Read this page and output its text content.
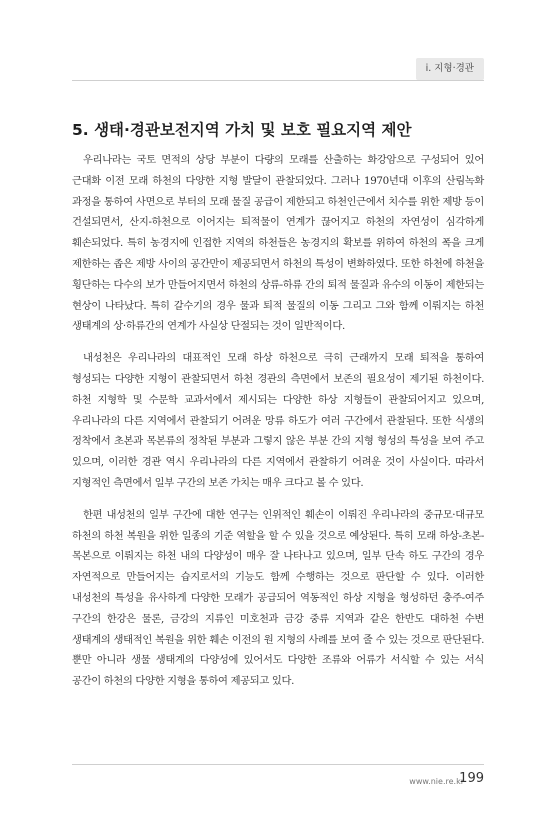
ⅰ. 지형·경관
5. 생태·경관보전지역 가치 및 보호 필요지역 제안

우리나라는 국토 면적의 상당 부분이 다량의 모래를 산출하는 화강암으로 구성되어 있어 근대화 이전 모래 하천의 다양한 지형 발달이 관찰되었다. 그러나 1970년대 이후의 산림녹화 과정을 통하여 사면으로 부터의 모래 물질 공급이 제한되고 하천인근에서 치수를 위한 제방 등이 건설되면서, 산지-하천으로 이어지는 퇴적물이 연계가 끊어지고 하천의 자연성이 심각하게 훼손되었다. 특히 농경지에 인접한 지역의 하천들은 농경지의 확보를 위하여 하천의 폭을 크게 제한하는 좁은 제방 사이의 공간만이 제공되면서 하천의 특성이 변화하였다. 또한 하천에 하천을 횡단하는 다수의 보가 만들어지면서 하천의 상류-하류 간의 퇴적 물질과 유수의 이동이 제한되는 현상이 나타났다. 특히 갈수기의 경우 물과 퇴적 물질의 이동 그리고 그와 함께 이뤄지는 하천 생태계의 상·하류간의 연계가 사실상 단절되는 것이 일반적이다.

내성천은 우리나라의 대표적인 모래 하상 하천으로 극히 근래까지 모래 퇴적을 통하여 형성되는 다양한 지형이 관찰되면서 하천 경관의 측면에서 보존의 필요성이 제기된 하천이다. 하천 지형학 및 수문학 교과서에서 제시되는 다양한 하상 지형들이 관찰되어지고 있으며, 우리나라의 다른 지역에서 관찰되기 어려운 망류 하도가 여러 구간에서 관찰된다. 또한 식생의 정착에서 초본과 목본류의 정착된 부분과 그렇지 않은 부분 간의 지형 형성의 특성을 보여 주고 있으며, 이러한 경관 역시 우리나라의 다른 지역에서 관찰하기 어려운 것이 사실이다. 따라서 지형적인 측면에서 일부 구간의 보존 가치는 매우 크다고 볼 수 있다.

한편 내성천의 일부 구간에 대한 연구는 인위적인 훼손이 이뤄진 우리나라의 중규모·대규모 하천의 하천 복원을 위한 일종의 기준 역할을 할 수 있을 것으로 예상된다. 특히 모래 하상-초본-목본으로 이뤄지는 하천 내의 다양성이 매우 잘 나타나고 있으며, 일부 단속 하도 구간의 경우 자연적으로 만들어지는 습지로서의 기능도 함께 수행하는 것으로 판단할 수 있다. 이러한 내성천의 특성을 유사하게 다양한 모래가 공급되어 역동적인 하상 지형을 형성하던 충주-여주 구간의 한강은 물론, 금강의 지류인 미호천과 금강 중류 지역과 같은 한반도 대하천 수변 생태계의 생태적인 복원을 위한 훼손 이전의 원 지형의 사례를 보여 줄 수 있는 것으로 판단된다. 뿐만 아니라 생물 생태계의 다양성에 있어서도 다양한 조류와 어류가 서식할 수 있는 서식 공간이 하천의 다양한 지형을 통하여 제공되고 있다.

www.nie.re.kr
199
